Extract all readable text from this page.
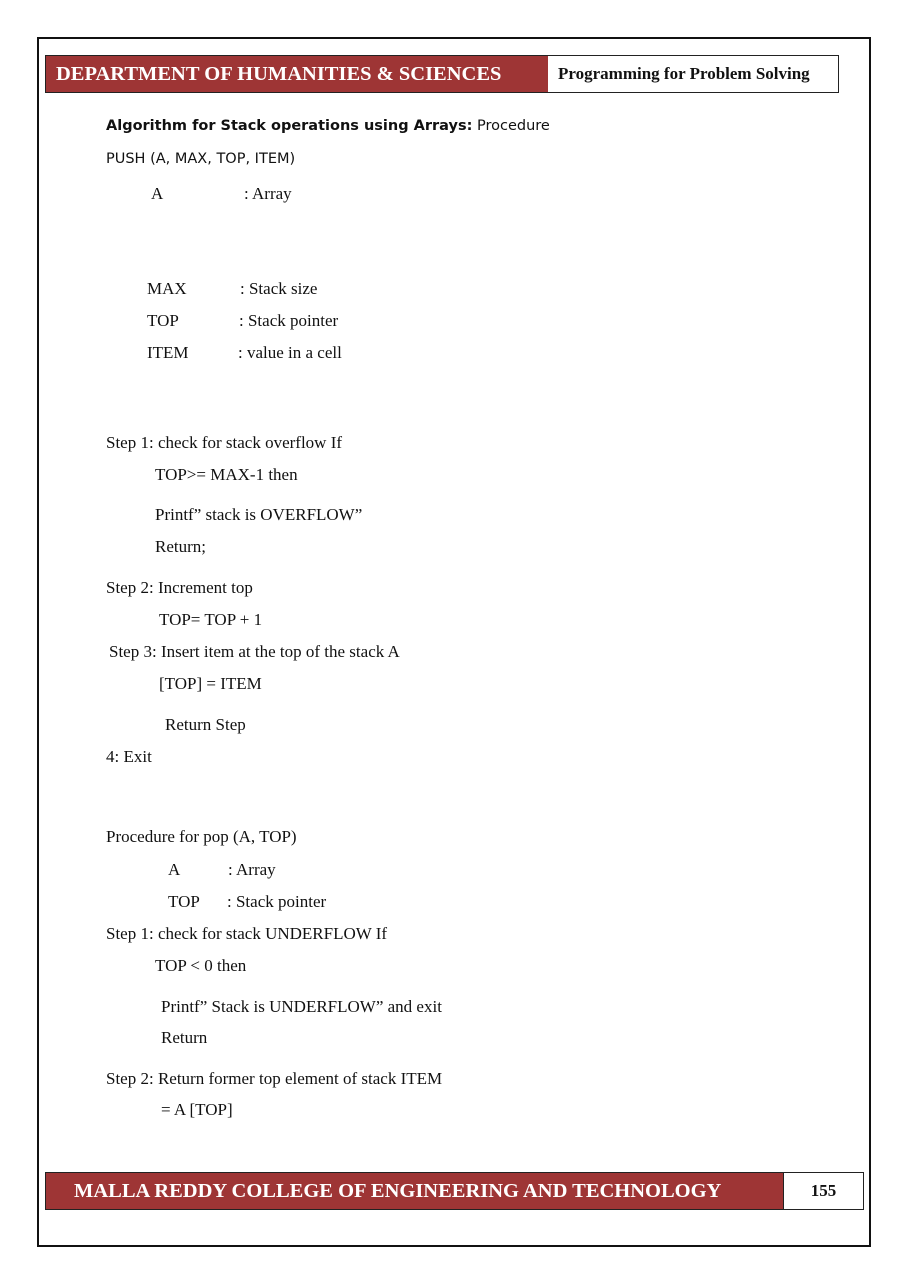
DEPARTMENT OF HUMANITIES & SCIENCES	Programming for Problem Solving
Algorithm for Stack operations using Arrays: Procedure
PUSH (A, MAX, TOP, ITEM)
A	: Array
MAX	: Stack size
TOP	: Stack pointer
ITEM	: value in a cell
Step 1: check for stack overflow If
TOP>= MAX-1 then
Printf” stack is OVERFLOW”
Return;
Step 2: Increment top
TOP= TOP + 1
Step 3: Insert item at the top of the stack A
[TOP] = ITEM
Return Step
4: Exit
Procedure for pop (A, TOP)
A	: Array
TOP : Stack pointer
Step 1: check for stack UNDERFLOW If
TOP < 0 then
Printf” Stack is UNDERFLOW” and exit
Return
Step 2: Return former top element of stack ITEM
= A [TOP]
MALLA REDDY COLLEGE OF ENGINEERING AND TECHNOLOGY	155
